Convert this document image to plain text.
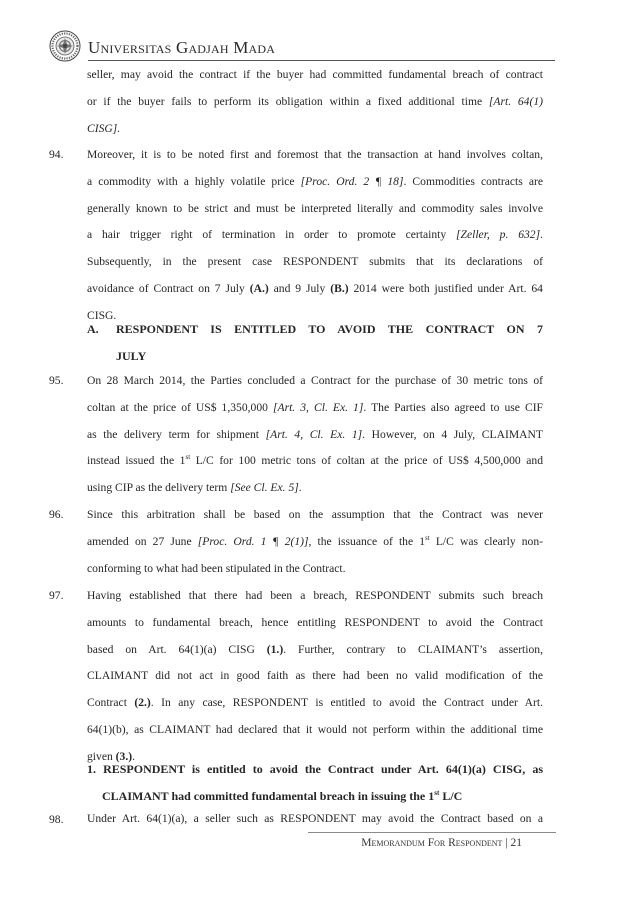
Universitas Gadjah Mada
seller, may avoid the contract if the buyer had committed fundamental breach of contract
or if the buyer fails to perform its obligation within a fixed additional time [Art. 64(1)
CISG].
94. Moreover, it is to be noted first and foremost that the transaction at hand involves coltan,
a commodity with a highly volatile price [Proc. Ord. 2 ¶ 18]. Commodities contracts are
generally known to be strict and must be interpreted literally and commodity sales involve
a hair trigger right of termination in order to promote certainty [Zeller, p. 632].
Subsequently, in the present case RESPONDENT submits that its declarations of
avoidance of Contract on 7 July (A.) and 9 July (B.) 2014 were both justified under Art. 64
CISG.
A. RESPONDENT IS ENTITLED TO AVOID THE CONTRACT ON 7
JULY
95. On 28 March 2014, the Parties concluded a Contract for the purchase of 30 metric tons of
coltan at the price of US$ 1,350,000 [Art. 3, Cl. Ex. 1]. The Parties also agreed to use CIF
as the delivery term for shipment [Art. 4, Cl. Ex. 1]. However, on 4 July, CLAIMANT
instead issued the 1st L/C for 100 metric tons of coltan at the price of US$ 4,500,000 and
using CIP as the delivery term [See Cl. Ex. 5].
96. Since this arbitration shall be based on the assumption that the Contract was never
amended on 27 June [Proc. Ord. 1 ¶ 2(1)], the issuance of the 1st L/C was clearly non-
conforming to what had been stipulated in the Contract.
97. Having established that there had been a breach, RESPONDENT submits such breach
amounts to fundamental breach, hence entitling RESPONDENT to avoid the Contract
based on Art. 64(1)(a) CISG (1.). Further, contrary to CLAIMANT’s assertion,
CLAIMANT did not act in good faith as there had been no valid modification of the
Contract (2.). In any case, RESPONDENT is entitled to avoid the Contract under Art.
64(1)(b), as CLAIMANT had declared that it would not perform within the additional time
given (3.).
1. RESPONDENT is entitled to avoid the Contract under Art. 64(1)(a) CISG, as
CLAIMANT had committed fundamental breach in issuing the 1st L/C
98. Under Art. 64(1)(a), a seller such as RESPONDENT may avoid the Contract based on a
Memorandum For Respondent | 21
